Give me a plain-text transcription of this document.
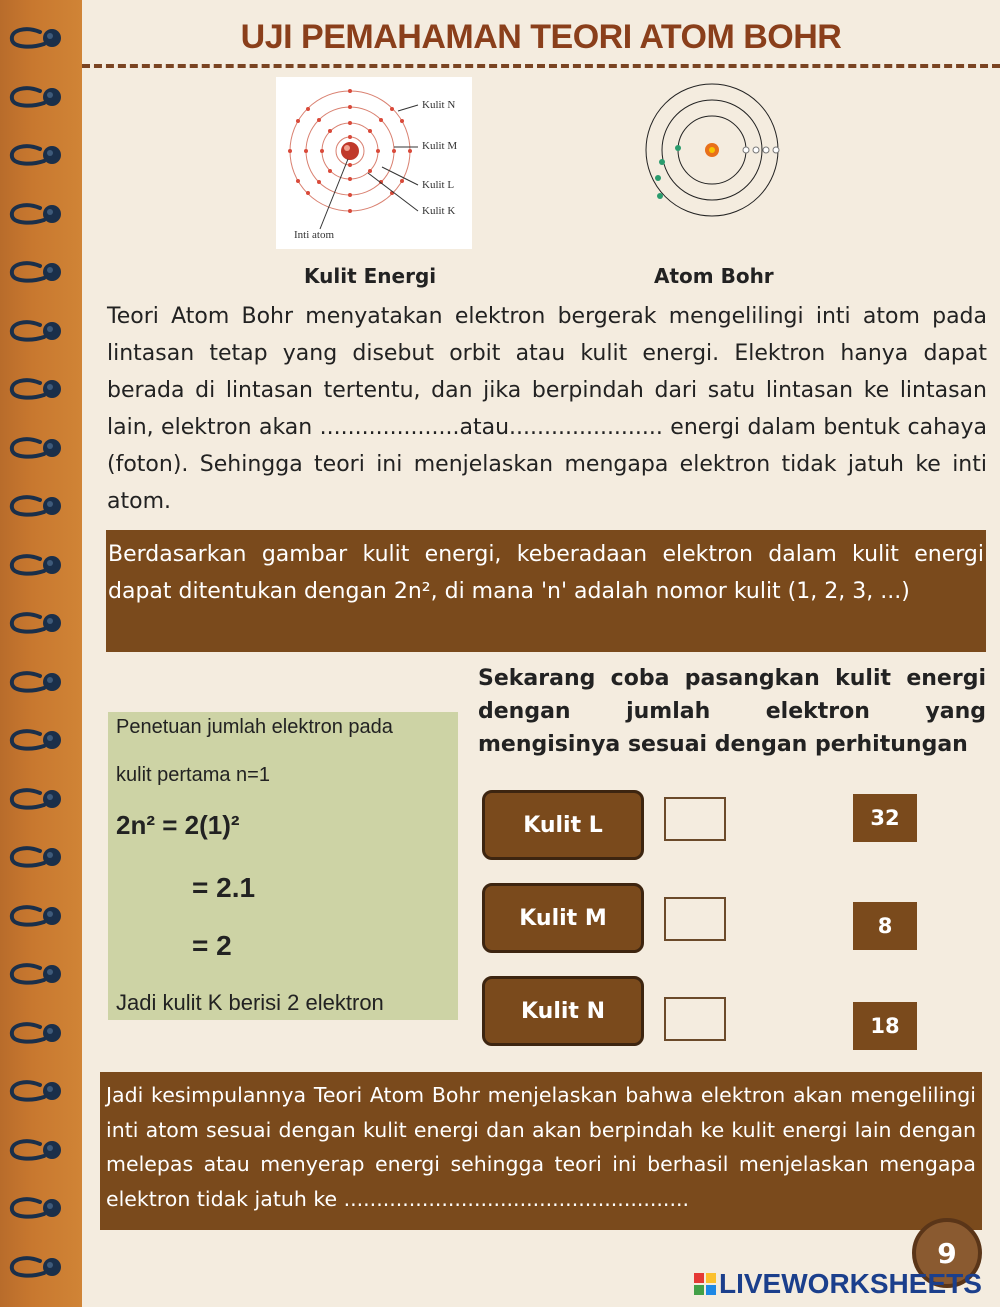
UJI PEMAHAMAN TEORI ATOM BOHR
Kulit N
Kulit M
Kulit L
Kulit K
Inti atom
Kulit Energi	Atom Bohr
Teori Atom Bohr menyatakan elektron bergerak mengelilingi inti atom pada lintasan tetap yang disebut orbit atau kulit energi. Elektron hanya dapat berada di lintasan tertentu, dan jika berpindah dari satu lintasan ke lintasan lain, elektron akan ....................atau...................... energi dalam bentuk cahaya (foton). Sehingga teori ini menjelaskan mengapa elektron tidak jatuh ke inti atom.
Berdasarkan gambar kulit energi, keberadaan elektron dalam kulit energi dapat ditentukan dengan 2n², di mana 'n' adalah nomor kulit (1, 2, 3, ...)
Penetuan jumlah elektron pada
kulit pertama n=1
2n² = 2(1)²
= 2.1
= 2
Jadi kulit K berisi 2 elektron
Sekarang coba pasangkan kulit energi dengan jumlah elektron yang mengisinya sesuai dengan perhitungan
Kulit L
Kulit M
Kulit N
32
8
18
Jadi kesimpulannya Teori Atom Bohr menjelaskan bahwa elektron akan mengelilingi inti atom sesuai dengan kulit energi dan akan berpindah ke kulit energi lain dengan melepas atau menyerap energi sehingga teori ini berhasil menjelaskan mengapa elektron tidak jatuh ke .....................................................
9
LIVEWORKSHEETS
